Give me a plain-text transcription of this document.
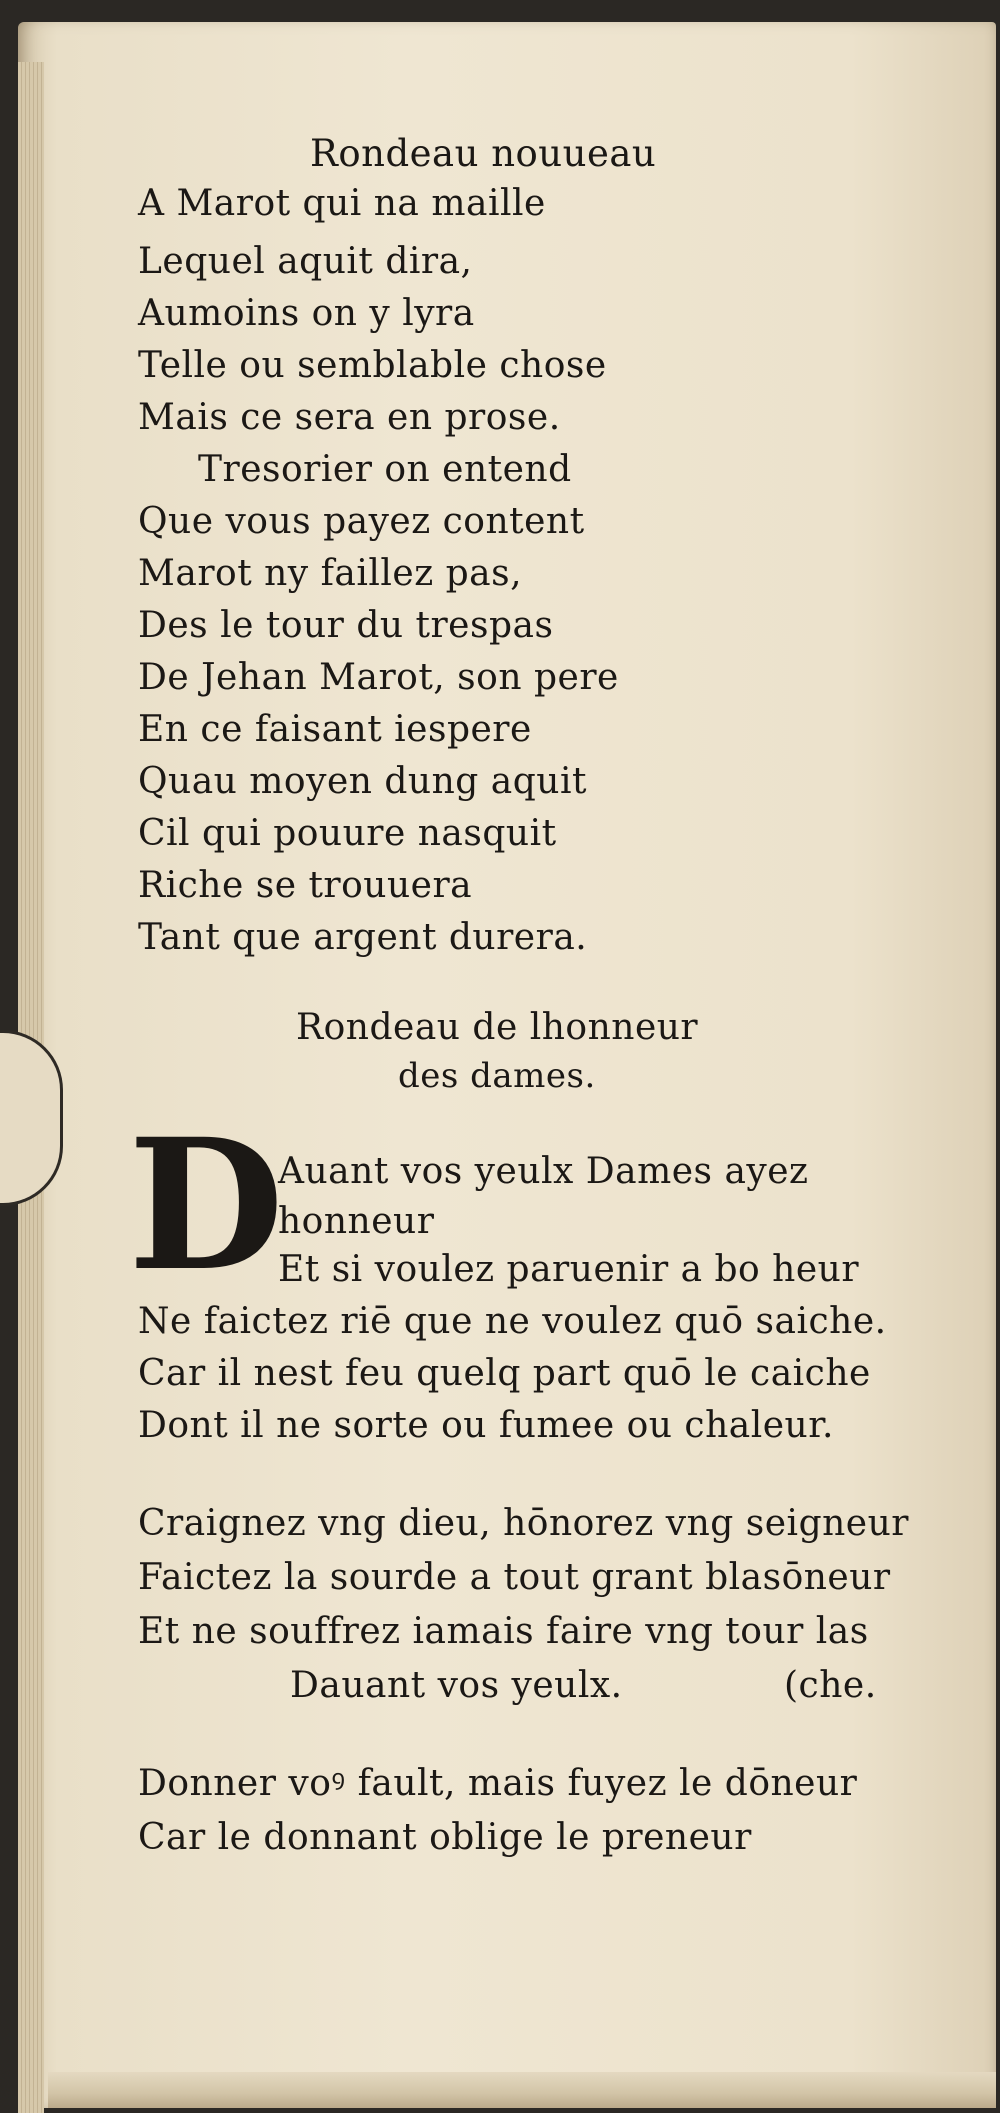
Rondeau nouueau
A Marot qui na maille
Lequel aquit dira,
Aumoins on y lyra
Telle ou semblable chose
Mais ce sera en prose.
Tresorier on entend
Que vous payez content
Marot ny faillez pas,
Des le tour du trespas
De Jehan Marot, son pere
En ce faisant iespere
Quau moyen dung aquit
Cil qui pouure nasquit
Riche se trouuera
Tant que argent durera.
Rondeau de lhonneur
des dames.
D
Auant vos yeulx Dames ayez
honneur
Et si voulez paruenir a bo heur
Ne faictez riē que ne voulez quō saiche.
Car il nest feu quelq part quō le caiche
Dont il ne sorte ou fumee ou chaleur.
Craignez vng dieu, hōnorez vng seigneur
Faictez la sourde a tout grant blasōneur
Et ne souffrez iamais faire vng tour las
Dauant vos yeulx.	(che.
Donner voꝰ fault, mais fuyez le dōneur
Car le donnant oblige le preneur
